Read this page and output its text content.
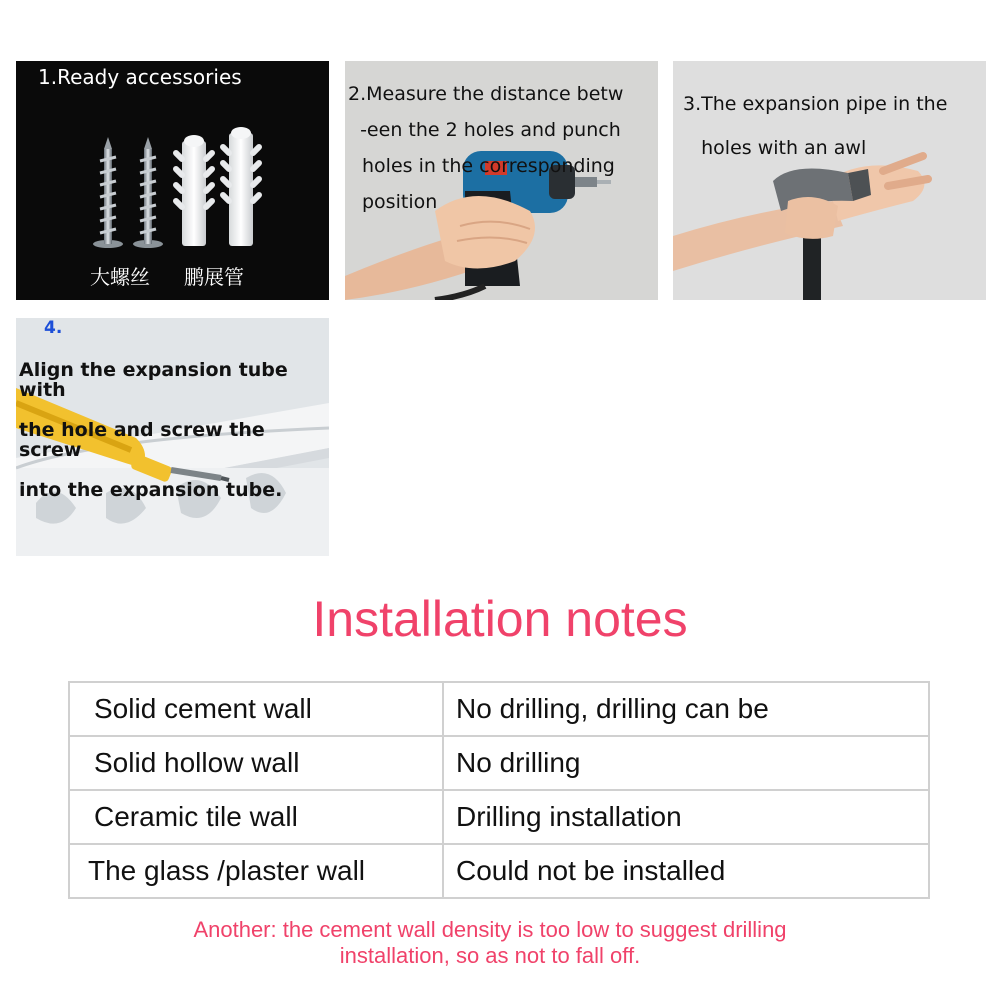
1.Ready accessories

大螺丝 鹏展管

2.Measure the distance betw

-een the 2 holes and punch

holes in the corresponding

position

3.The expansion pipe in the

holes with an awl

4.

Align the expansion tube with

the hole and screw the screw

into the expansion tube.

Installation notes
Solid cement wall	No drilling, drilling can be
Solid hollow wall	No drilling
Ceramic tile wall	Drilling installation
The glass /plaster wall	Could not be installed

Another: the cement wall density is too low to suggest drilling
installation, so as not to fall off.
